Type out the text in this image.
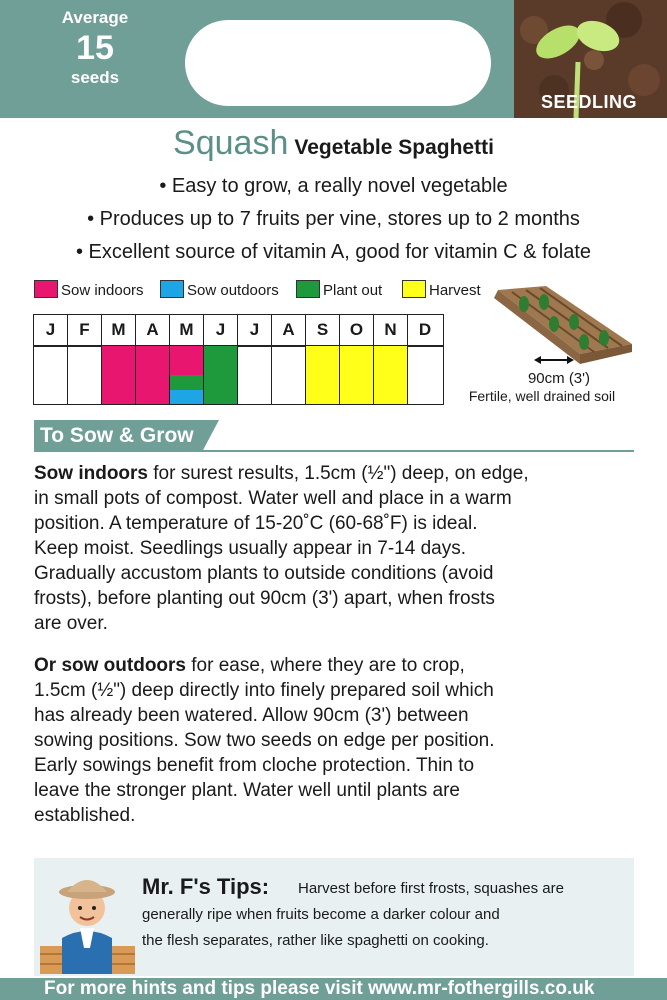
Average
15
seeds
SEEDLING
Squash Vegetable Spaghetti
• Easy to grow, a really novel vegetable
• Produces up to 7 fruits per vine, stores up to 2 months
• Excellent source of vitamin A, good for vitamin C & folate
Sow indoors	Sow outdoors	Plant out	Harvest
J	F	M	A	M	J	J	A	S	O	N	D
90cm (3')
Fertile, well drained soil
To Sow & Grow
Sow indoors for surest results, 1.5cm (½") deep, on edge,
in small pots of compost. Water well and place in a warm
position. A temperature of 15-20˚C (60-68˚F) is ideal.
Keep moist. Seedlings usually appear in 7-14 days.
Gradually accustom plants to outside conditions (avoid
frosts), before planting out 90cm (3') apart, when frosts
are over.
Or sow outdoors for ease, where they are to crop,
1.5cm (½") deep directly into finely prepared soil which
has already been watered. Allow 90cm (3') between
sowing positions. Sow two seeds on edge per position.
Early sowings benefit from cloche protection. Thin to
leave the stronger plant. Water well until plants are
established.
Mr. F's Tips: Harvest before first frosts, squashes are
generally ripe when fruits become a darker colour and
the flesh separates, rather like spaghetti on cooking.
For more hints and tips please visit www.mr-fothergills.co.uk
